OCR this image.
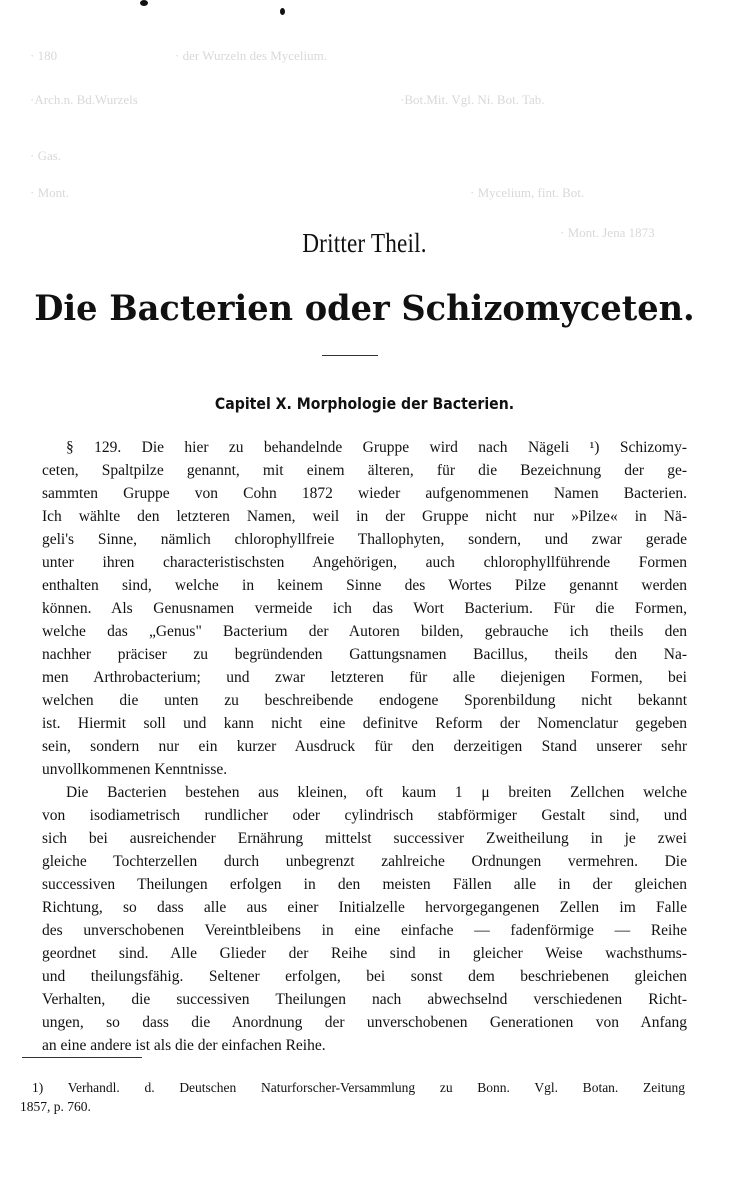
· 180	· der Wurzeln des Mycelium.
·Arch.n. Bd.Wurzels	·Bot.Mit. Vgl. Ni. Bot. Tab.
· Gas.
· Mont.	· Mycelium, fint. Bot.
· Mont. Jena 1873
Dritter Theil.
Die Bacterien oder Schizomyceten.
Capitel X. Morphologie der Bacterien.

§ 129. Die hier zu behandelnde Gruppe wird nach Nägeli ¹) Schizomy-
ceten, Spaltpilze genannt, mit einem älteren, für die Bezeichnung der ge-
sammten Gruppe von Cohn 1872 wieder aufgenommenen Namen Bacterien.
Ich wählte den letzteren Namen, weil in der Gruppe nicht nur »Pilze« in Nä-
geli's Sinne, nämlich chlorophyllfreie Thallophyten, sondern, und zwar gerade
unter ihren characteristischsten Angehörigen, auch chlorophyllführende Formen
enthalten sind, welche in keinem Sinne des Wortes Pilze genannt werden
können. Als Genusnamen vermeide ich das Wort Bacterium. Für die Formen,
welche das „Genus" Bacterium der Autoren bilden, gebrauche ich theils den
nachher präciser zu begründenden Gattungsnamen Bacillus, theils den Na-
men Arthrobacterium; und zwar letzteren für alle diejenigen Formen, bei
welchen die unten zu beschreibende endogene Sporenbildung nicht bekannt
ist. Hiermit soll und kann nicht eine definitve Reform der Nomenclatur gegeben
sein, sondern nur ein kurzer Ausdruck für den derzeitigen Stand unserer sehr
unvollkommenen Kenntnisse.

Die Bacterien bestehen aus kleinen, oft kaum 1 μ breiten Zellchen welche
von isodiametrisch rundlicher oder cylindrisch stabförmiger Gestalt sind, und
sich bei ausreichender Ernährung mittelst successiver Zweitheilung in je zwei
gleiche Tochterzellen durch unbegrenzt zahlreiche Ordnungen vermehren. Die
successiven Theilungen erfolgen in den meisten Fällen alle in der gleichen
Richtung, so dass alle aus einer Initialzelle hervorgegangenen Zellen im Falle
des unverschobenen Vereintbleibens in eine einfache — fadenförmige — Reihe
geordnet sind. Alle Glieder der Reihe sind in gleicher Weise wachsthums-
und theilungsfähig. Seltener erfolgen, bei sonst dem beschriebenen gleichen
Verhalten, die successiven Theilungen nach abwechselnd verschiedenen Richt-
ungen, so dass die Anordnung der unverschobenen Generationen von Anfang
an eine andere ist als die der einfachen Reihe.

1) Verhandl. d. Deutschen Naturforscher-Versammlung zu Bonn. Vgl. Botan. Zeitung
1857, p. 760.
